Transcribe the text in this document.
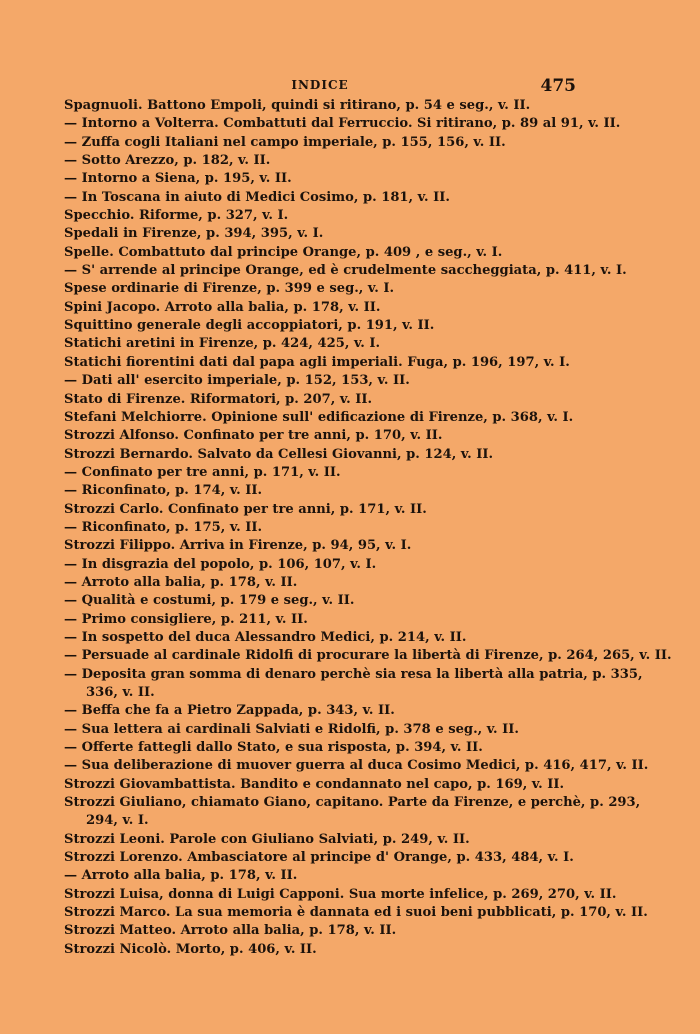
INDICE	475
Spagnuoli. Battono Empoli, quindi si ritirano, p. 54 e seg., v. II.
— Intorno a Volterra. Combattuti dal Ferruccio. Si ritirano, p. 89 al 91, v. II.
— Zuffa cogli Italiani nel campo imperiale, p. 155, 156, v. II.
— Sotto Arezzo, p. 182, v. II.
— Intorno a Siena, p. 195, v. II.
— In Toscana in aiuto di Medici Cosimo, p. 181, v. II.
Specchio. Riforme, p. 327, v. I.
Spedali in Firenze, p. 394, 395, v. I.
Spelle. Combattuto dal principe Orange, p. 409 , e seg., v. I.
— S' arrende al principe Orange, ed è crudelmente saccheggiata, p. 411, v. I.
Spese ordinarie di Firenze, p. 399 e seg., v. I.
Spini Jacopo. Arroto alla balia, p. 178, v. II.
Squittino generale degli accoppiatori, p. 191, v. II.
Statichi aretini in Firenze, p. 424, 425, v. I.
Statichi fiorentini dati dal papa agli imperiali. Fuga, p. 196, 197, v. I.
— Dati all' esercito imperiale, p. 152, 153, v. II.
Stato di Firenze. Riformatori, p. 207, v. II.
Stefani Melchiorre. Opinione sull' edificazione di Firenze, p. 368, v. I.
Strozzi Alfonso. Confinato per tre anni, p. 170, v. II.
Strozzi Bernardo. Salvato da Cellesi Giovanni, p. 124, v. II.
— Confinato per tre anni, p. 171, v. II.
— Riconfinato, p. 174, v. II.
Strozzi Carlo. Confinato per tre anni, p. 171, v. II.
— Riconfinato, p. 175, v. II.
Strozzi Filippo. Arriva in Firenze, p. 94, 95, v. I.
— In disgrazia del popolo, p. 106, 107, v. I.
— Arroto alla balia, p. 178, v. II.
— Qualità e costumi, p. 179 e seg., v. II.
— Primo consigliere, p. 211, v. II.
— In sospetto del duca Alessandro Medici, p. 214, v. II.
— Persuade al cardinale Ridolfi di procurare la libertà di Firenze, p. 264, 265, v. II.
— Deposita gran somma di denaro perchè sia resa la libertà alla patria, p. 335,
336, v. II.
— Beffa che fa a Pietro Zappada, p. 343, v. II.
— Sua lettera ai cardinali Salviati e Ridolfi, p. 378 e seg., v. II.
— Offerte fattegli dallo Stato, e sua risposta, p. 394, v. II.
— Sua deliberazione di muover guerra al duca Cosimo Medici, p. 416, 417, v. II.
Strozzi Giovambattista. Bandito e condannato nel capo, p. 169, v. II.
Strozzi Giuliano, chiamato Giano, capitano. Parte da Firenze, e perchè, p. 293,
294, v. I.
Strozzi Leoni. Parole con Giuliano Salviati, p. 249, v. II.
Strozzi Lorenzo. Ambasciatore al principe d' Orange, p. 433, 484, v. I.
— Arroto alla balia, p. 178, v. II.
Strozzi Luisa, donna di Luigi Capponi. Sua morte infelice, p. 269, 270, v. II.
Strozzi Marco. La sua memoria è dannata ed i suoi beni pubblicati, p. 170, v. II.
Strozzi Matteo. Arroto alla balia, p. 178, v. II.
Strozzi Nicolò. Morto, p. 406, v. II.
